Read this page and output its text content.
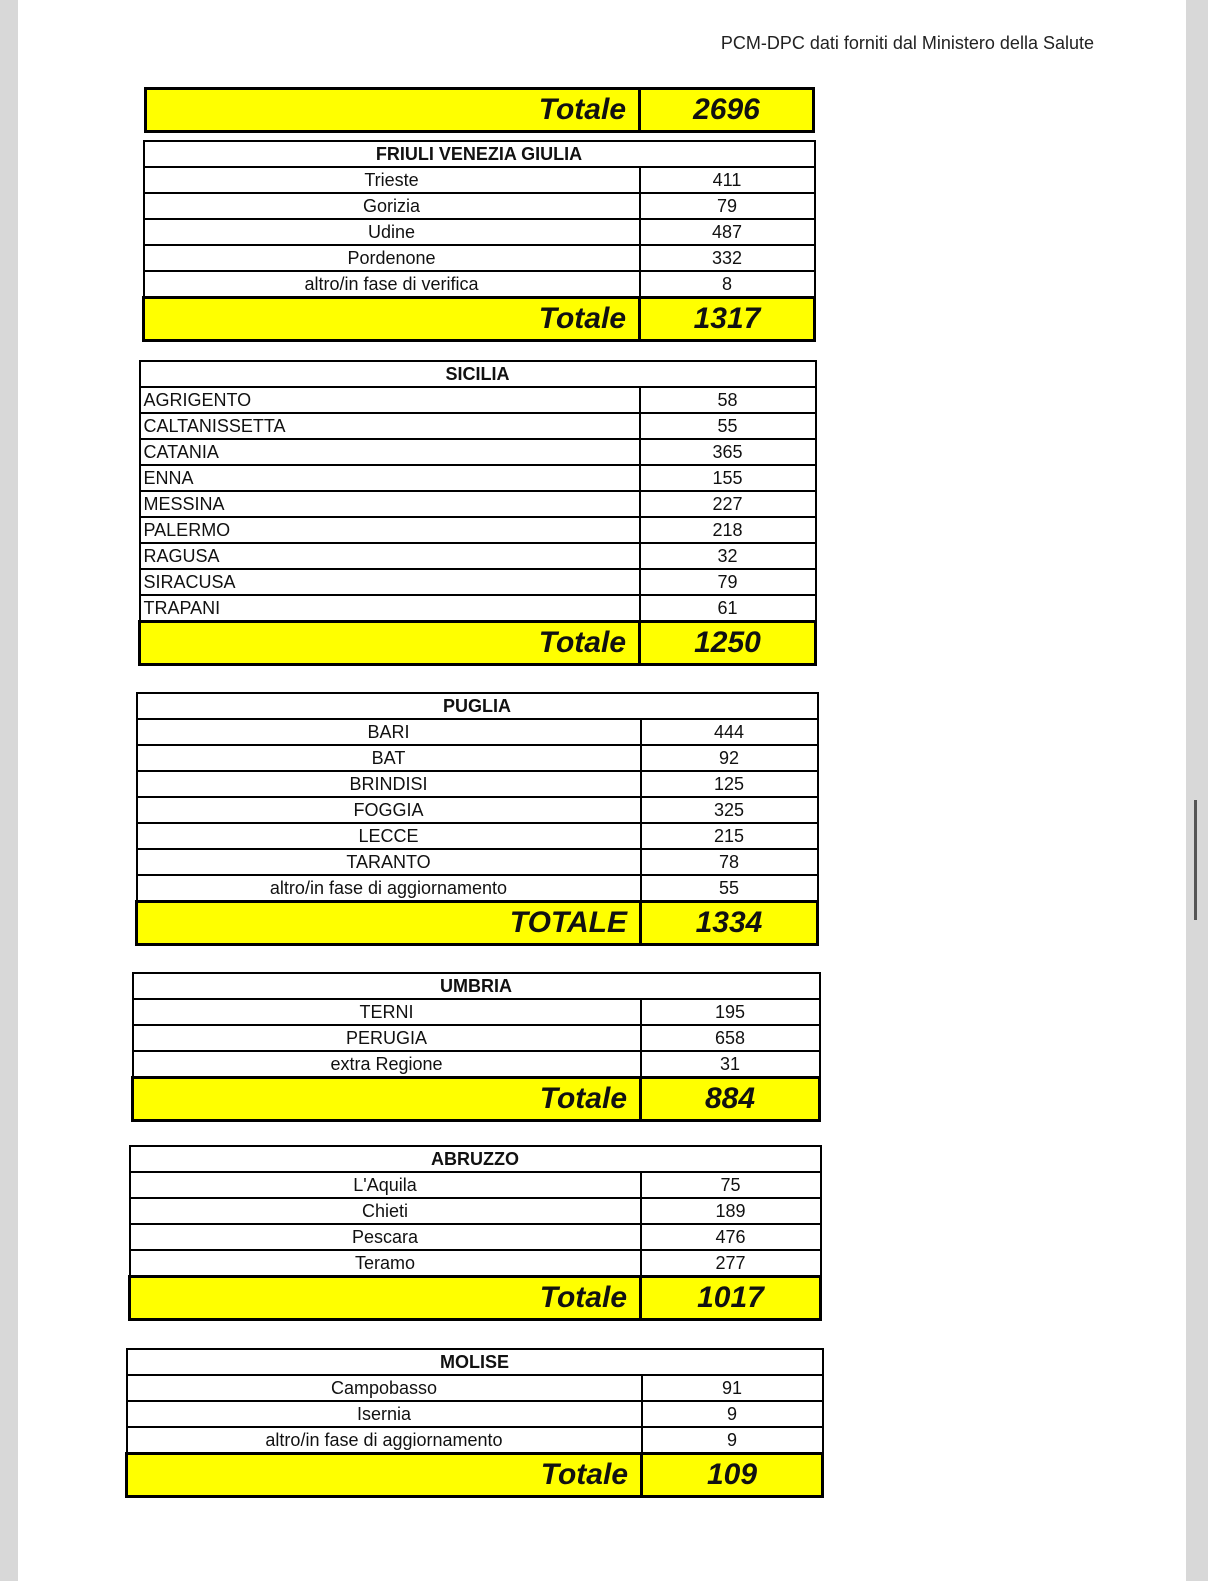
PCM-DPC dati forniti dal Ministero della Salute
Totale	2696
FRIULI VENEZIA GIULIA	
Trieste	411
Gorizia	79
Udine	487
Pordenone	332
altro/in fase di verifica	8
Totale	1317
SICILIA	
AGRIGENTO	58
CALTANISSETTA	55
CATANIA	365
ENNA	155
MESSINA	227
PALERMO	218
RAGUSA	32
SIRACUSA	79
TRAPANI	61
Totale	1250
PUGLIA	
BARI	444
BAT	92
BRINDISI	125
FOGGIA	325
LECCE	215
TARANTO	78
altro/in fase di aggiornamento	55
TOTALE	1334
UMBRIA	
TERNI	195
PERUGIA	658
extra Regione	31
Totale	884
ABRUZZO	
L'Aquila	75
Chieti	189
Pescara	476
Teramo	277
Totale	1017
MOLISE	
Campobasso	91
Isernia	9
altro/in fase di aggiornamento	9
Totale	109
